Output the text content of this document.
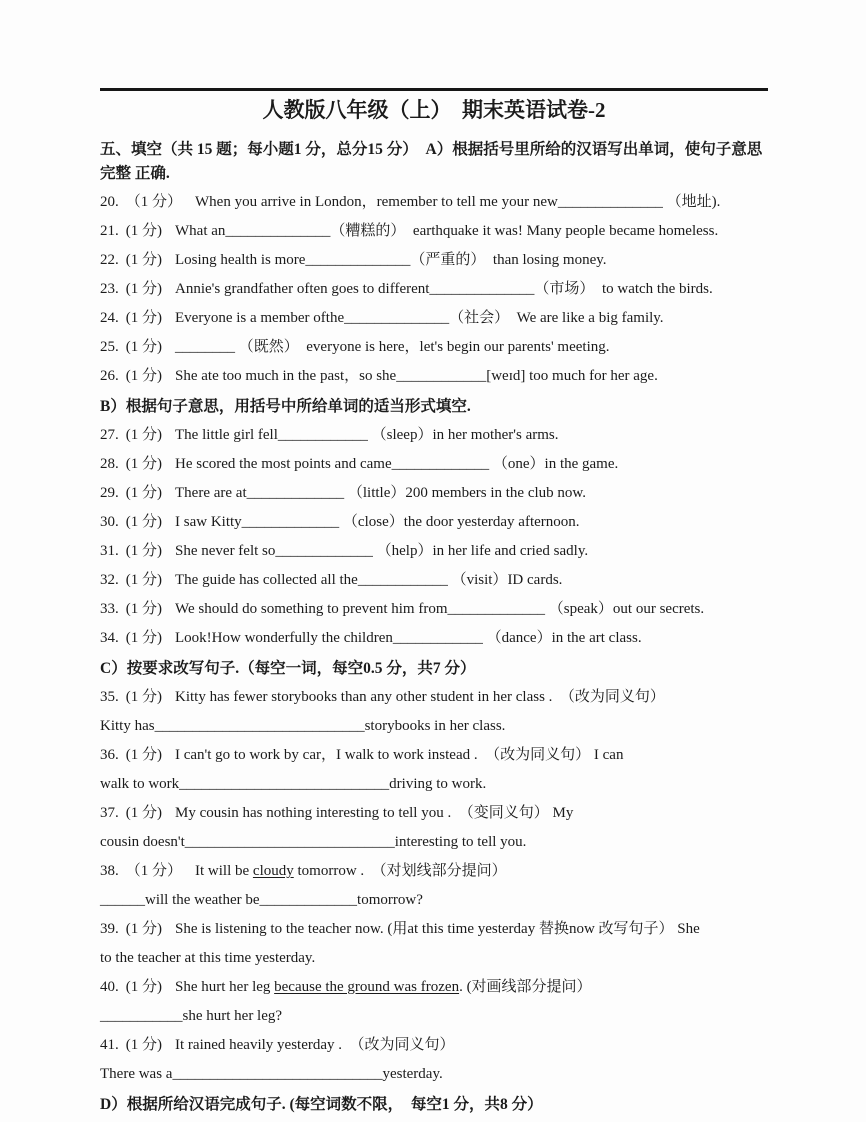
人教版八年级（上）　期末英语试卷-2
五、填空（共 15 题；每小题1 分，总分15 分）　A）根据括号里所给的汉语写出单词，使句子意思完整 正确.

20. （1 分） When you arrive in London，remember to tell me your new______________ （地址).

21. (1 分) What an______________（糟糕的）　earthquake it was! Many people became homeless.

22. (1 分) Losing health is more______________（严重的）　than losing money.

23. (1 分) Annie's grandfather often goes to different______________（市场）　to watch the birds.

24. (1 分) Everyone is a member ofthe______________（社会）　We are like a big family.

25. (1 分) ________ （既然）　everyone is here，let's begin our parents' meeting.

26. (1 分) She ate too much in the past，so she____________[weɪd] too much for her age.

B）根据句子意思，用括号中所给单词的适当形式填空.

27. (1 分) The little girl fell____________ （sleep）in her mother's arms.

28. (1 分) He scored the most points and came_____________ （one）in the game.

29. (1 分) There are at_____________ （little）200 members in the club now.

30. (1 分) I saw Kitty_____________ （close）the door yesterday afternoon.

31. (1 分) She never felt so_____________ （help）in her life and cried sadly.

32. (1 分) The guide has collected all the____________ （visit）ID cards.

33. (1 分) We should do something to prevent him from_____________ （speak）out our secrets.

34. (1 分) Look!How wonderfully the children____________ （dance）in the art class.

C）按要求改写句子.（每空一词，每空0.5 分，共7 分）

35. (1 分) Kitty has fewer storybooks than any other student in her class .　（改为同义句）

Kitty has____________________________storybooks in her class.

36. (1 分) I can't go to work by car，I walk to work instead .　（改为同义句） I can

walk to work____________________________driving to work.

37. (1 分) My cousin has nothing interesting to tell you .　（变同义句） My

cousin doesn't____________________________interesting to tell you.

38. （1 分） It will be cloudy tomorrow .　（对划线部分提问）

______will the weather be_____________tomorrow?

39. (1 分) She is listening to the teacher now. (用at this time yesterday 替换now 改写句子） She

to the teacher at this time yesterday.

40. (1 分) She hurt her leg because the ground was frozen. (对画线部分提问）

___________she hurt her leg?

41. (1 分) It rained heavily yesterday .　（改为同义句）

There was a____________________________yesterday.

D）根据所给汉语完成句子. (每空词数不限，　每空1 分，共8 分）
